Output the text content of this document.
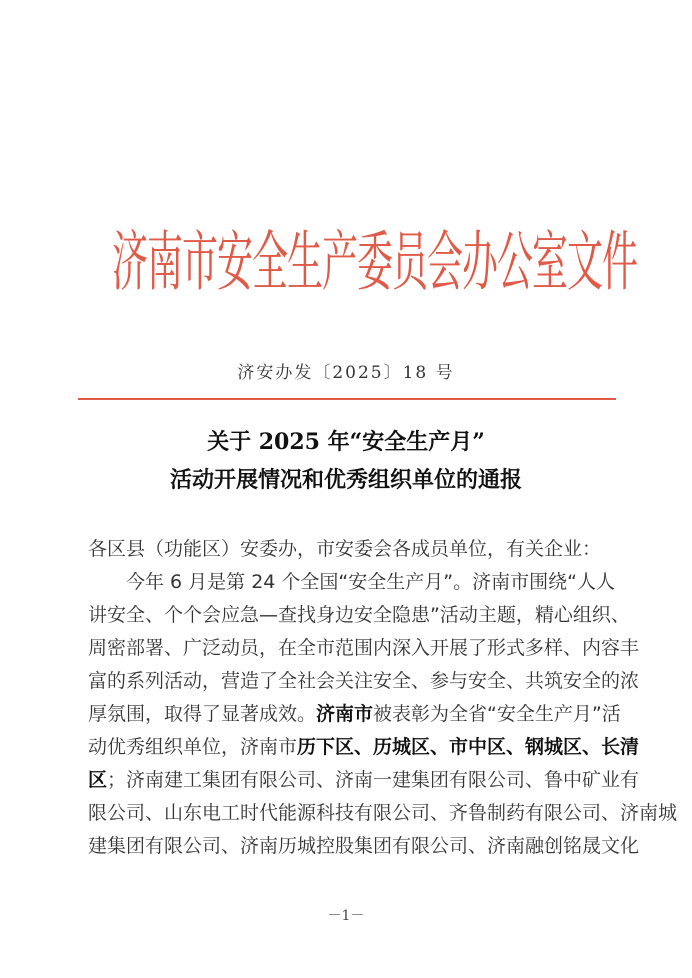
济南市安全生产委员会办公室文件
济安办发〔2025〕18 号
关于 2025 年“安全生产月”
活动开展情况和优秀组织单位的通报
各区县（功能区）安委办，市安委会各成员单位，有关企业：
　　今年 6 月是第 24 个全国“安全生产月”。济南市围绕“人人
讲安全、个个会应急—查找身边安全隐患”活动主题，精心组织、
周密部署、广泛动员，在全市范围内深入开展了形式多样、内容丰
富的系列活动，营造了全社会关注安全、参与安全、共筑安全的浓
厚氛围，取得了显著成效。济南市被表彰为全省“安全生产月”活
动优秀组织单位，济南市历下区、历城区、市中区、钢城区、长清
区；济南建工集团有限公司、济南一建集团有限公司、鲁中矿业有
限公司、山东电工时代能源科技有限公司、齐鲁制药有限公司、济南城
建集团有限公司、济南历城控股集团有限公司、济南融创铭晟文化
－1－
